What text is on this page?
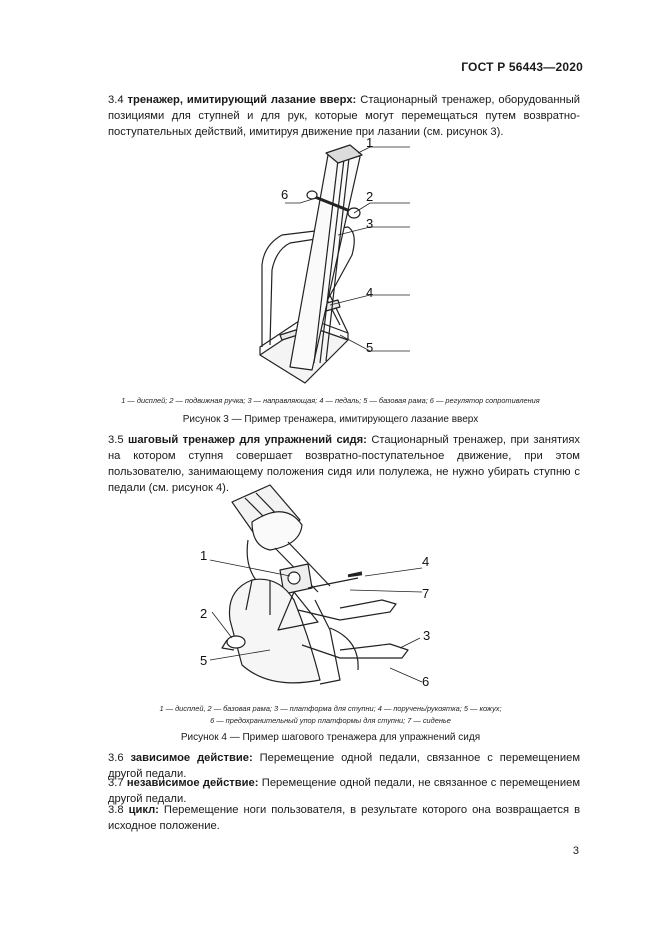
ГОСТ Р 56443—2020
3.4 тренажер, имитирующий лазание вверх: Стационарный тренажер, оборудованный позициями для ступней и для рук, которые могут перемещаться путем возвратно-поступательных действий, имитируя движение при лазании (см. рисунок 3).
1
2
3
4
5
6
1 — дисплей; 2 — подвижная ручка; 3 — направляющая; 4 — педаль; 5 — базовая рама; 6 — регулятор сопротивления
Рисунок 3 — Пример тренажера, имитирующего лазание вверх
3.5 шаговый тренажер для упражнений сидя: Стационарный тренажер, при занятиях на котором ступня совершает возвратно-поступательное движение, при этом пользователю, занимающему положения сидя или полулежа, не нужно убирать ступню с педали (см. рисунок 4).
1
2
3
4
5
6
7
1 — дисплей, 2 — базовая рама; 3 — платформа для ступни; 4 — поручень/рукоятка; 5 — кожух;
6 — предохранительный упор платформы для ступни; 7 — сиденье
Рисунок 4 — Пример шагового тренажера для упражнений сидя
3.6 зависимое действие: Перемещение одной педали, связанное с перемещением другой педали.
3.7 независимое действие: Перемещение одной педали, не связанное с перемещением другой педали.
3.8 цикл: Перемещение ноги пользователя, в результате которого она возвращается в исходное положение.
3
